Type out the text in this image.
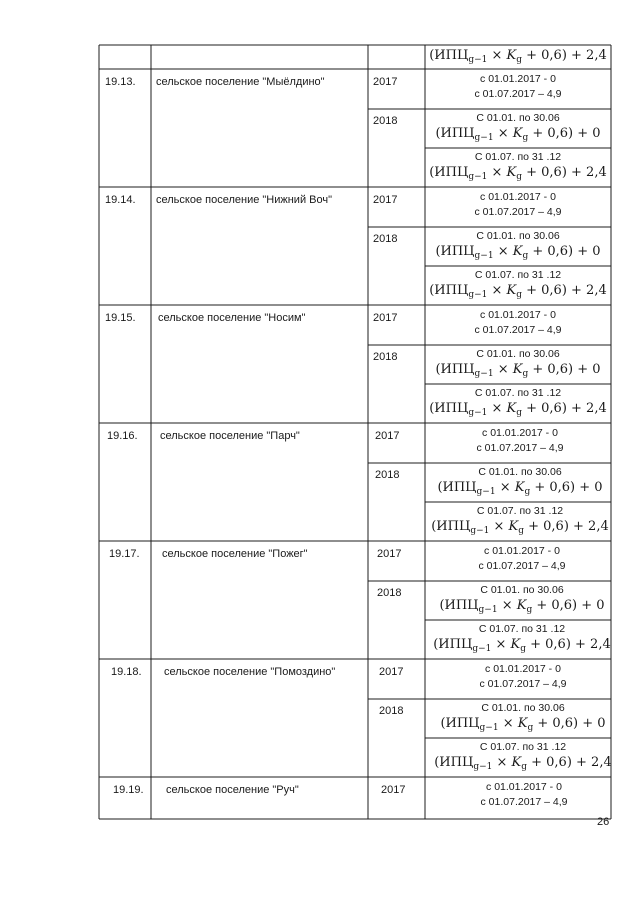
$(ИПЦ_{g-1} \times K_g + 0,6) + 2,4$
19.13. сельское поселение "Мыёлдино"	2017	с 01.01.2017 - 0
с 01.07.2017 – 4,9
2018	С 01.01. по 30.06
$(ИПЦ_{g-1} \times K_g + 0,6) + 0$
С 01.07. по 31 .12
$(ИПЦ_{g-1} \times K_g + 0,6) + 2,4$
19.14. сельское поселение "Нижний Воч"	2017	с 01.01.2017 - 0
с 01.07.2017 – 4,9
2018	С 01.01. по 30.06
$(ИПЦ_{g-1} \times K_g + 0,6) + 0$
С 01.07. по 31 .12
$(ИПЦ_{g-1} \times K_g + 0,6) + 2,4$
19.15. сельское поселение "Носим"	2017	с 01.01.2017 - 0
с 01.07.2017 – 4,9
2018	С 01.01. по 30.06
$(ИПЦ_{g-1} \times K_g + 0,6) + 0$
С 01.07. по 31 .12
$(ИПЦ_{g-1} \times K_g + 0,6) + 2,4$
19.16. сельское поселение "Парч"	2017	с 01.01.2017 - 0
с 01.07.2017 – 4,9
2018	С 01.01. по 30.06
$(ИПЦ_{g-1} \times K_g + 0,6) + 0$
С 01.07. по 31 .12
$(ИПЦ_{g-1} \times K_g + 0,6) + 2,4$
19.17. сельское поселение "Пожег"	2017	с 01.01.2017 - 0
с 01.07.2017 – 4,9
2018	С 01.01. по 30.06
$(ИПЦ_{g-1} \times K_g + 0,6) + 0$
С 01.07. по 31 .12
$(ИПЦ_{g-1} \times K_g + 0,6) + 2,4$
19.18. сельское поселение "Помоздино"	2017	с 01.01.2017 - 0
с 01.07.2017 – 4,9
2018	С 01.01. по 30.06
$(ИПЦ_{g-1} \times K_g + 0,6) + 0$
С 01.07. по 31 .12
$(ИПЦ_{g-1} \times K_g + 0,6) + 2,4$
19.19. сельское поселение "Руч"	2017	с 01.01.2017 - 0
с 01.07.2017 – 4,9
26
